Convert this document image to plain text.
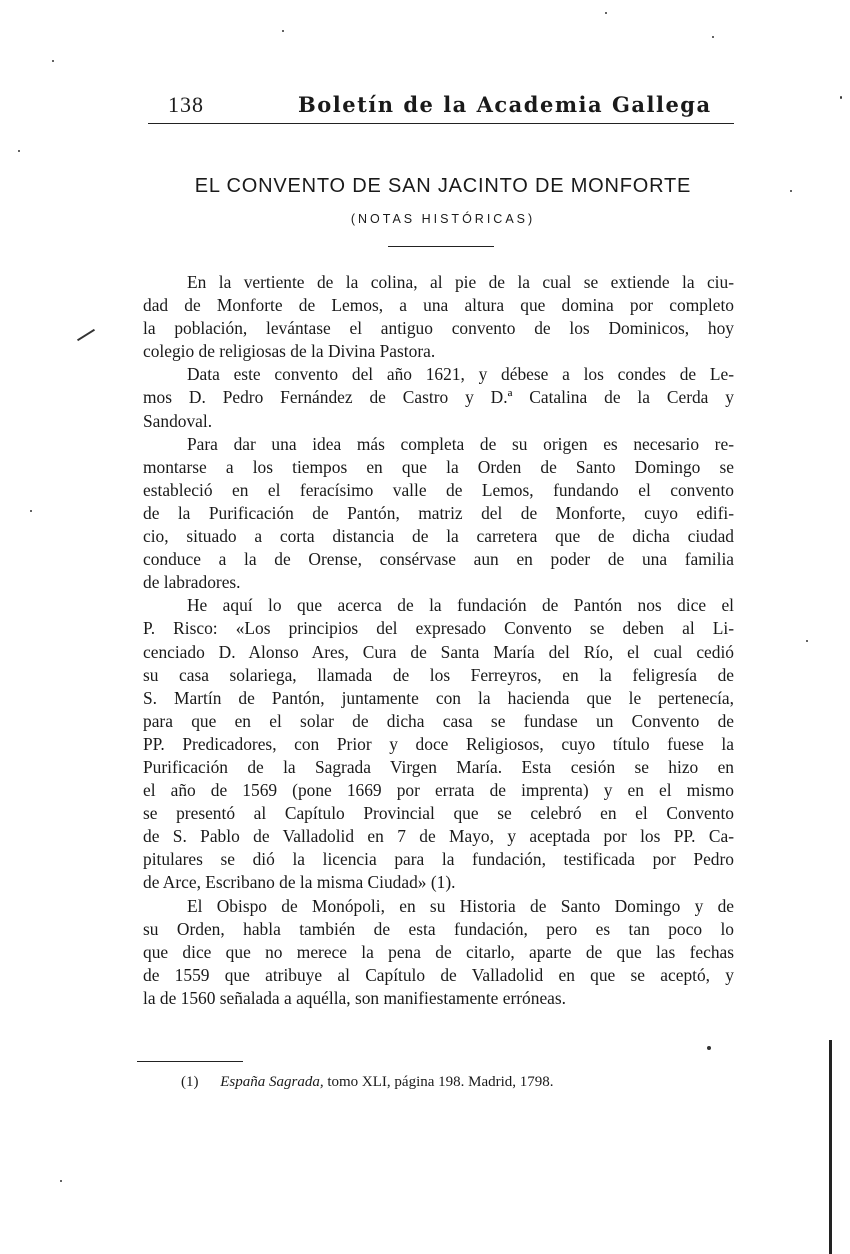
138	Boletín de la Academia Gallega
EL CONVENTO DE SAN JACINTO DE MONFORTE
(NOTAS HISTÓRICAS)
En la vertiente de la colina, al pie de la cual se extiende la ciu-
dad de Monforte de Lemos, a una altura que domina por completo
la población, levántase el antiguo convento de los Dominicos, hoy
colegio de religiosas de la Divina Pastora.
Data este convento del año 1621, y débese a los condes de Le-
mos D. Pedro Fernández de Castro y D.ª Catalina de la Cerda y
Sandoval.
Para dar una idea más completa de su origen es necesario re-
montarse a los tiempos en que la Orden de Santo Domingo se
estableció en el feracísimo valle de Lemos, fundando el convento
de la Purificación de Pantón, matriz del de Monforte, cuyo edifi-
cio, situado a corta distancia de la carretera que de dicha ciudad
conduce a la de Orense, consérvase aun en poder de una familia
de labradores.
He aquí lo que acerca de la fundación de Pantón nos dice el
P. Risco: «Los principios del expresado Convento se deben al Li-
cenciado D. Alonso Ares, Cura de Santa María del Río, el cual cedió
su casa solariega, llamada de los Ferreyros, en la feligresía de
S. Martín de Pantón, juntamente con la hacienda que le pertenecía,
para que en el solar de dicha casa se fundase un Convento de
PP. Predicadores, con Prior y doce Religiosos, cuyo título fuese la
Purificación de la Sagrada Virgen María. Esta cesión se hizo en
el año de 1569 (pone 1669 por errata de imprenta) y en el mismo
se presentó al Capítulo Provincial que se celebró en el Convento
de S. Pablo de Valladolid en 7 de Mayo, y aceptada por los PP. Ca-
pitulares se dió la licencia para la fundación, testificada por Pedro
de Arce, Escribano de la misma Ciudad» (1).
El Obispo de Monópoli, en su Historia de Santo Domingo y de
su Orden, habla también de esta fundación, pero es tan poco lo
que dice que no merece la pena de citarlo, aparte de que las fechas
de 1559 que atribuye al Capítulo de Valladolid en que se aceptó, y
la de 1560 señalada a aquélla, son manifiestamente erróneas.
(1) España Sagrada, tomo XLI, página 198. Madrid, 1798.
